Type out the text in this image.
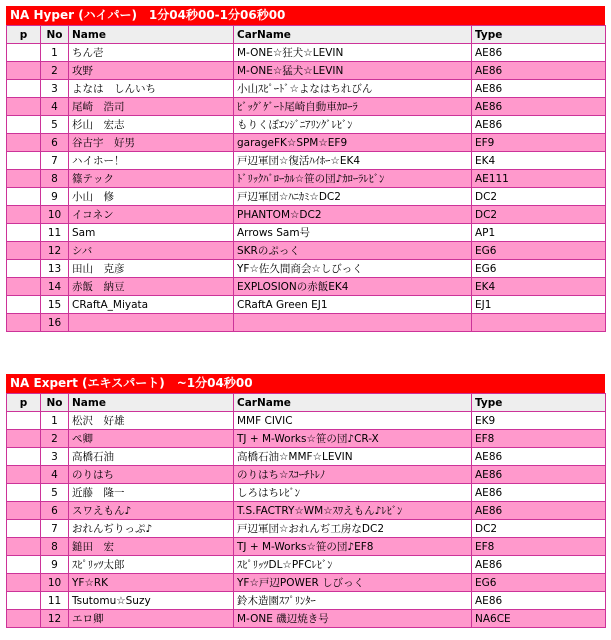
NA Hyper (ハイパー)　1分04秒00-1分06秒00
p	No	Name	CarName	Type
	1	ちん壱	M-ONE☆狂犬☆LEVIN	AE86
	2	攻野	M-ONE☆猛犬☆LEVIN	AE86
	3	よなは　しんいち	小山ｽﾋﾟｰﾄﾞ☆よなはちれびん	AE86
	4	尾崎　浩司	ﾋﾞｯｸﾞｹﾞｰﾄ尾崎自動車ｶﾛｰﾗ	AE86
	5	杉山　宏志	もりくぼｴﾝｼﾞﾆｱﾘﾝｸﾞﾚﾋﾞﾝ	AE86
	6	谷古宇　好男	garageFK☆SPM☆EF9	EF9
	7	ハイホー！	戸辺軍団☆復活ﾊｲﾎｰ☆EK4	EK4
	8	篠テック	ﾄﾞﾘｯｸﾊﾞﾛｰｶﾙ☆笹の団♪ｶﾛｰﾗﾚﾋﾞﾝ	AE111
	9	小山　修	戸辺軍団☆ﾊﾆｶﾐ☆DC2	DC2
	10	イコネン	PHANTOM☆DC2	DC2
	11	Sam	Arrows Sam号	AP1
	12	シバ	SKRのぷっく	EG6
	13	田山　克彦	YF☆佐久間商会☆しびっく	EG6
	14	赤飯　納豆	EXPLOSIONの赤飯EK4	EK4
	15	CRaftA_Miyata	CRaftA Green EJ1	EJ1
	16			
NA Expert (エキスパート)　~1分04秒00
p	No	Name	CarName	Type
	1	松沢　好雄	MMF CIVIC	EK9
	2	ぺ卿	TJ + M-Works☆笹の団♪CR-X	EF8
	3	高橋石油	高橋石油☆MMF☆LEVIN	AE86
	4	のりはち	のりはち☆ｽｺｰﾁﾄﾚﾉ	AE86
	5	近藤　隆一	しろはちﾚﾋﾞﾝ	AE86
	6	スワえもん♪	T.S.FACTRY☆WM☆ｽﾜえもん♪ﾚﾋﾞﾝ	AE86
	7	おれんぢりっぷ♪	戸辺軍団☆おれんぢ工房なDC2	DC2
	8	鎚田　宏	TJ + M-Works☆笹の団♪EF8	EF8
	9	ｽﾋﾟﾘｯﾂ太郎	ｽﾋﾟﾘｯﾂDL☆PFCﾚﾋﾞﾝ	AE86
	10	YF☆RK	YF☆戸辺POWER しびっく	EG6
	11	Tsutomu☆Suzy	鈴木造園ｽﾌﾟﾘﾝﾀｰ	AE86
	12	エロ卿	M-ONE 磯辺焼き号	NA6CE
